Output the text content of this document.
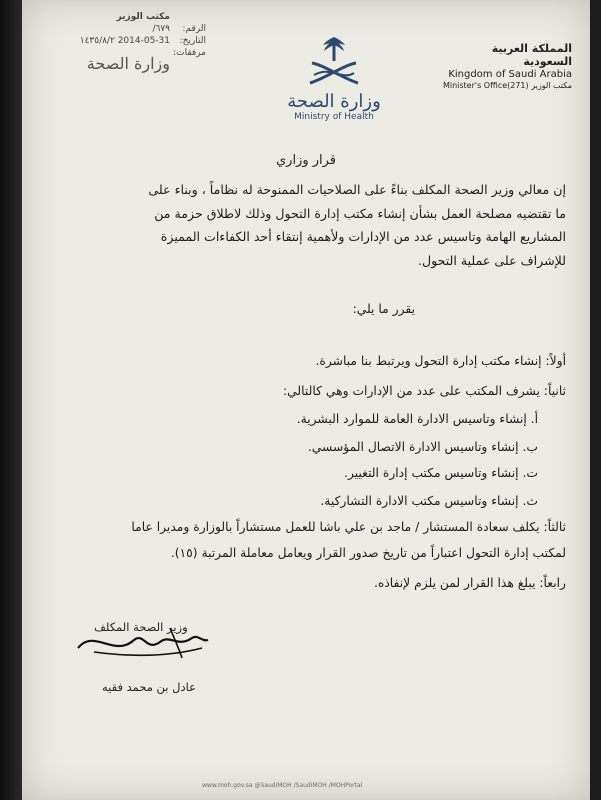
مكتب الوزير
الرقم:
٦٧٩/
التاريخ:
2014-05-31 ١٤٣٥/٨/٢
مرفقات:
وزارة الصحة
وزارة الصحة
Ministry of Health
المملكة العربية السعودية
Kingdom of Saudi Arabia
Minister's Office(271) مكتب الوزير
قرار وزاري

إن معالي وزير الصحة المكلف بناءً على الصلاحيات الممنوحة له نظاماً ، وبناء على

ما تقتضيه مصلحة العمل بشأن إنشاء مكتب إدارة التحول وذلك لاطلاق حزمة من

المشاريع الهامة وتاسيس عدد من الإدارات ولأهمية إنتقاء أحد الكفاءات المميزة

للإشراف على عملية التحول.

يقرر ما يلي:
أولاً: إنشاء مكتب إدارة التحول ويرتبط بنا مباشرة.
ثانياً: يشرف المكتب على عدد من الإدارات وهي كالتالي:
أ. إنشاء وتاسيس الادارة العامة للموارد البشرية.
ب. إنشاء وتاسيس الادارة الاتصال المؤسسي.
ت. إنشاء وتاسيس مكتب إدارة التغيير.
ث. إنشاء وتاسيس مكتب الادارة التشاركية.
ثالثاً: يكلف سعادة المستشار / ماجد بن علي باشا للعمل مستشاراً بالوزارة ومديرا عاما
لمكتب إدارة التحول اعتباراً من تاريخ صدور القرار ويعامل معاملة المرتبة (١٥).
رابعاً: يبلغ هذا القرار لمن يلزم لإنفاذه.
وزير الصحة المكلف
عادل بن محمد فقيه
www.moh.gov.sa @SaudiMOH /SaudiMOH /MOHPortal
